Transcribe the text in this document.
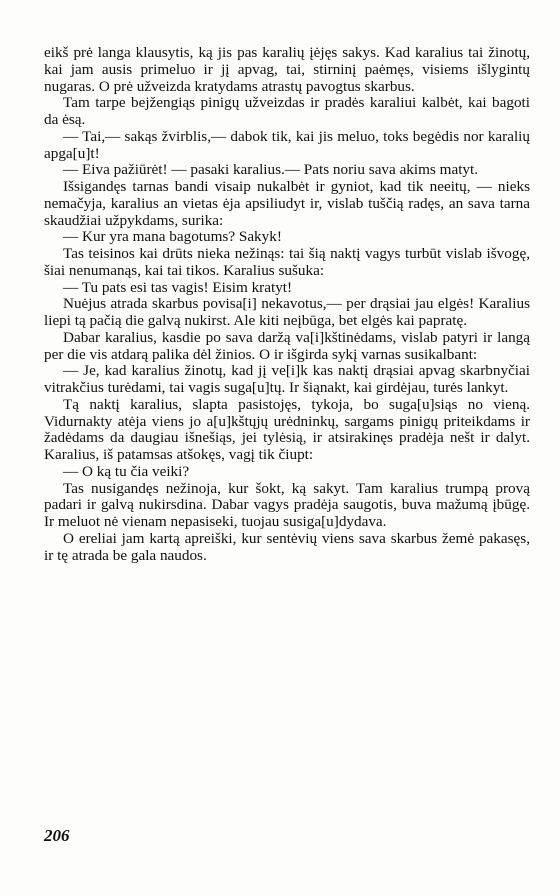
eikš prė langa klausytis, ką jis pas karalių įėjęs sakys. Kad karalius tai žinotų, kai jam ausis primeluo ir jį apvag, tai, stirninį paėmęs, visiems išlygintų nugaras. O prė užveizda kratydams atrastų pavogtus skarbus.

Tam tarpe bejžengiąs pinigų užveizdas ir pradės karaliui kalbėt, kai bagoti da ėsą.

— Tai,— sakąs žvirblis,— dabok tik, kai jis meluo, toks begėdis nor karalių apga[u]t!

— Eiva pažiūrėt! — pasaki karalius.— Pats noriu sava akims matyt.

Išsigandęs tarnas bandi visaip nukalbėt ir gyniot, kad tik neeitų, — nieks nemačyja, karalius an vietas ėja apsiliudyt ir, vislab tuščią radęs, an sava tarna skaudžiai užpykdams, surika:

— Kur yra mana bagotums? Sakyk!

Tas teisinos kai drūts nieka nežinąs: tai šią naktį vagys turbūt vislab išvogę, šiai nenumanąs, kai tai tikos. Karalius sušuka:

— Tu pats esi tas vagis! Eisim kratyt!

Nuėjus atrada skarbus povisa[i] nekavotus,— per drąsiai jau elgės! Karalius liepi tą pačią die galvą nukirst. Ale kiti neįbūga, bet elgės kai papratę.

Dabar karalius, kasdie po sava daržą va[i]kštinėdams, vislab patyri ir langą per die vis atdarą palika dėl žinios. O ir išgirda sykį varnas susikalbant:

— Je, kad karalius žinotų, kad jį ve[i]k kas naktį drąsiai apvag skarbnyčiai vitrakčius turėdami, tai vagis suga[u]tų. Ir šiąnakt, kai girdėjau, turės lankyt.

Tą naktį karalius, slapta pasistojęs, tykoja, bo suga[u]siąs no vieną. Vidurnakty atėja viens jo a[u]kštųjų urėdninkų, sargams pinigų priteikdams ir žadėdams da daugiau išnešiąs, jei tylėsią, ir atsirakinęs pradėja nešt ir dalyt. Karalius, iš patamsas atšokęs, vagį tik čiupt:

— O ką tu čia veiki?

Tas nusigandęs nežinoja, kur šokt, ką sakyt. Tam karalius trumpą provą padari ir galvą nukirsdina. Dabar vagys pradėja saugotis, buva mažumą įbūgę. Ir meluot nė vienam nepasiseki, tuojau susiga[u]dydava.

O ereliai jam kartą apreiški, kur sentėvių viens sava skarbus žemė pakasęs, ir tę atrada be gala naudos.

206
